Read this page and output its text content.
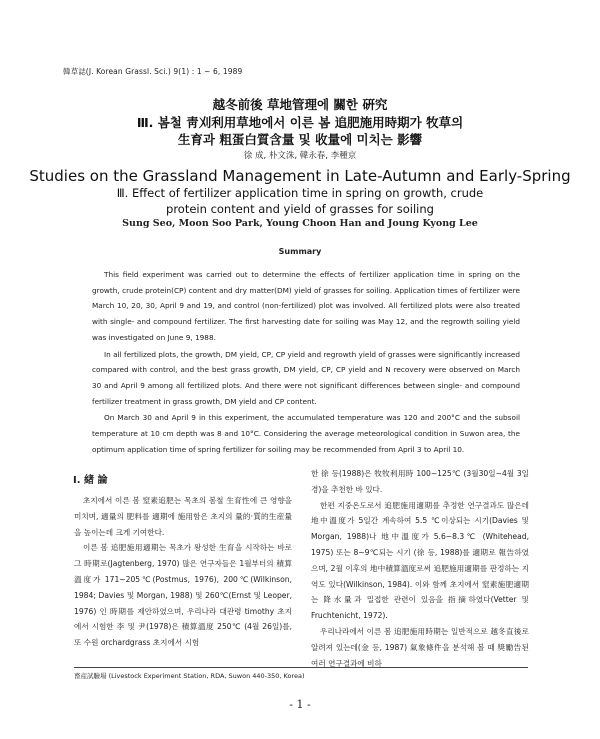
韓草誌(J. Korean Grassl. Sci.) 9(1) : 1 ~ 6, 1989
越冬前後 草地管理에 關한 硏究
Ⅲ. 봄철 靑刈利用草地에서 이른 봄 追肥施用時期가 牧草의
生育과 粗蛋白質含量 및 收量에 미치는 影響
徐 成, 朴文洙, 韓永春, 李種京
Studies on the Grassland Management in Late-Autumn and Early-Spring
Ⅲ. Effect of fertilizer application time in spring on growth, crude
protein content and yield of grasses for soiling
Sung Seo, Moon Soo Park, Young Choon Han and Joung Kyong Lee
Summary

This field experiment was carried out to determine the effects of fertilizer application time in spring on the growth, crude protein(CP) content and dry matter(DM) yield of grasses for soiling. Application times of fertilizer were March 10, 20, 30, April 9 and 19, and control (non-fertilized) plot was involved. All fertilized plots were also treated with single- and compound fertilizer. The first harvesting date for soiling was May 12, and the regrowth soiling yield was investigated on June 9, 1988.

In all fertilized plots, the growth, DM yield, CP, CP yield and regrowth yield of grasses were significantly increased compared with control, and the best grass growth, DM yield, CP, CP yield and N recovery were observed on March 30 and April 9 among all fertilized plots. And there were not significant differences between single- and compound fertilizer treatment in grass growth, DM yield and CP content.

On March 30 and April 9 in this experiment, the accumulated temperature was 120 and 200°C and the subsoil temperature at 10 cm depth was 8 and 10°C. Considering the average meteorological condition in Suwon area, the optimum application time of spring fertilizer for soiling may be recommended from April 3 to April 10.

Ⅰ. 緖 論

초지에서 이른 봄 窒素追肥는 목초의 봄철 生育性에 큰 영향을 미치며, 適量의 肥料를 適期에 施用함은 초지의 量的·質的生産量을 높이는데 크게 기여한다.

이른 봄 追肥施用適期는 목초가 왕성한 生育을 시작하는 바로 그 時期로(Jagtenberg, 1970) 많은 연구자들은 1월부터의 積算溫度가 171~205℃(Postmus, 1976), 200℃(Wilkinson, 1984; Davies 및 Morgan, 1988) 및 260℃(Ernst 및 Leoper, 1976) 인 時期를 제안하였으며, 우리나라 대관령 timothy 초지에서 시험한 李 및 尹(1978)은 積算溫度 250℃ (4월 26일)를, 또 수원 orchardgrass 초지에서 시험

한 徐 등(1988)은 牧牧利用時 100~125℃ (3월30일~4월 3일경)을 추천한 바 있다.

한편 지중온도로서 追肥施用適期를 추정한 연구결과도 많은데 地中溫度가 5일간 계속하여 5.5 ℃이상되는 시기(Davies 및 Morgan, 1988)나 地中溫度가 5.6~8.3℃ (Whitehead, 1975) 또는 8~9℃되는 시기 (徐 등, 1988)를 適期로 報告하였으며, 2월 이후의 地中積算溫度로써 追肥施用適期를 판정하는 지역도 있다(Wilkinson, 1984). 이와 함께 초지에서 窒素施肥適期는 降水量과 밀접한 관련이 있음을 指摘하였다(Vetter 및 Fruchtenicht, 1972).

우리나라에서 이른 봄 追肥施用時期는 일반적으로 越冬直後로 알려져 있는데(金 등, 1987) 氣象條件을 분석해 볼 때 獎勵告된 여러 연구결과에 비하

畜産試驗場 (Livestock Experiment Station, RDA, Suwon 440-350, Korea)
- 1 -
